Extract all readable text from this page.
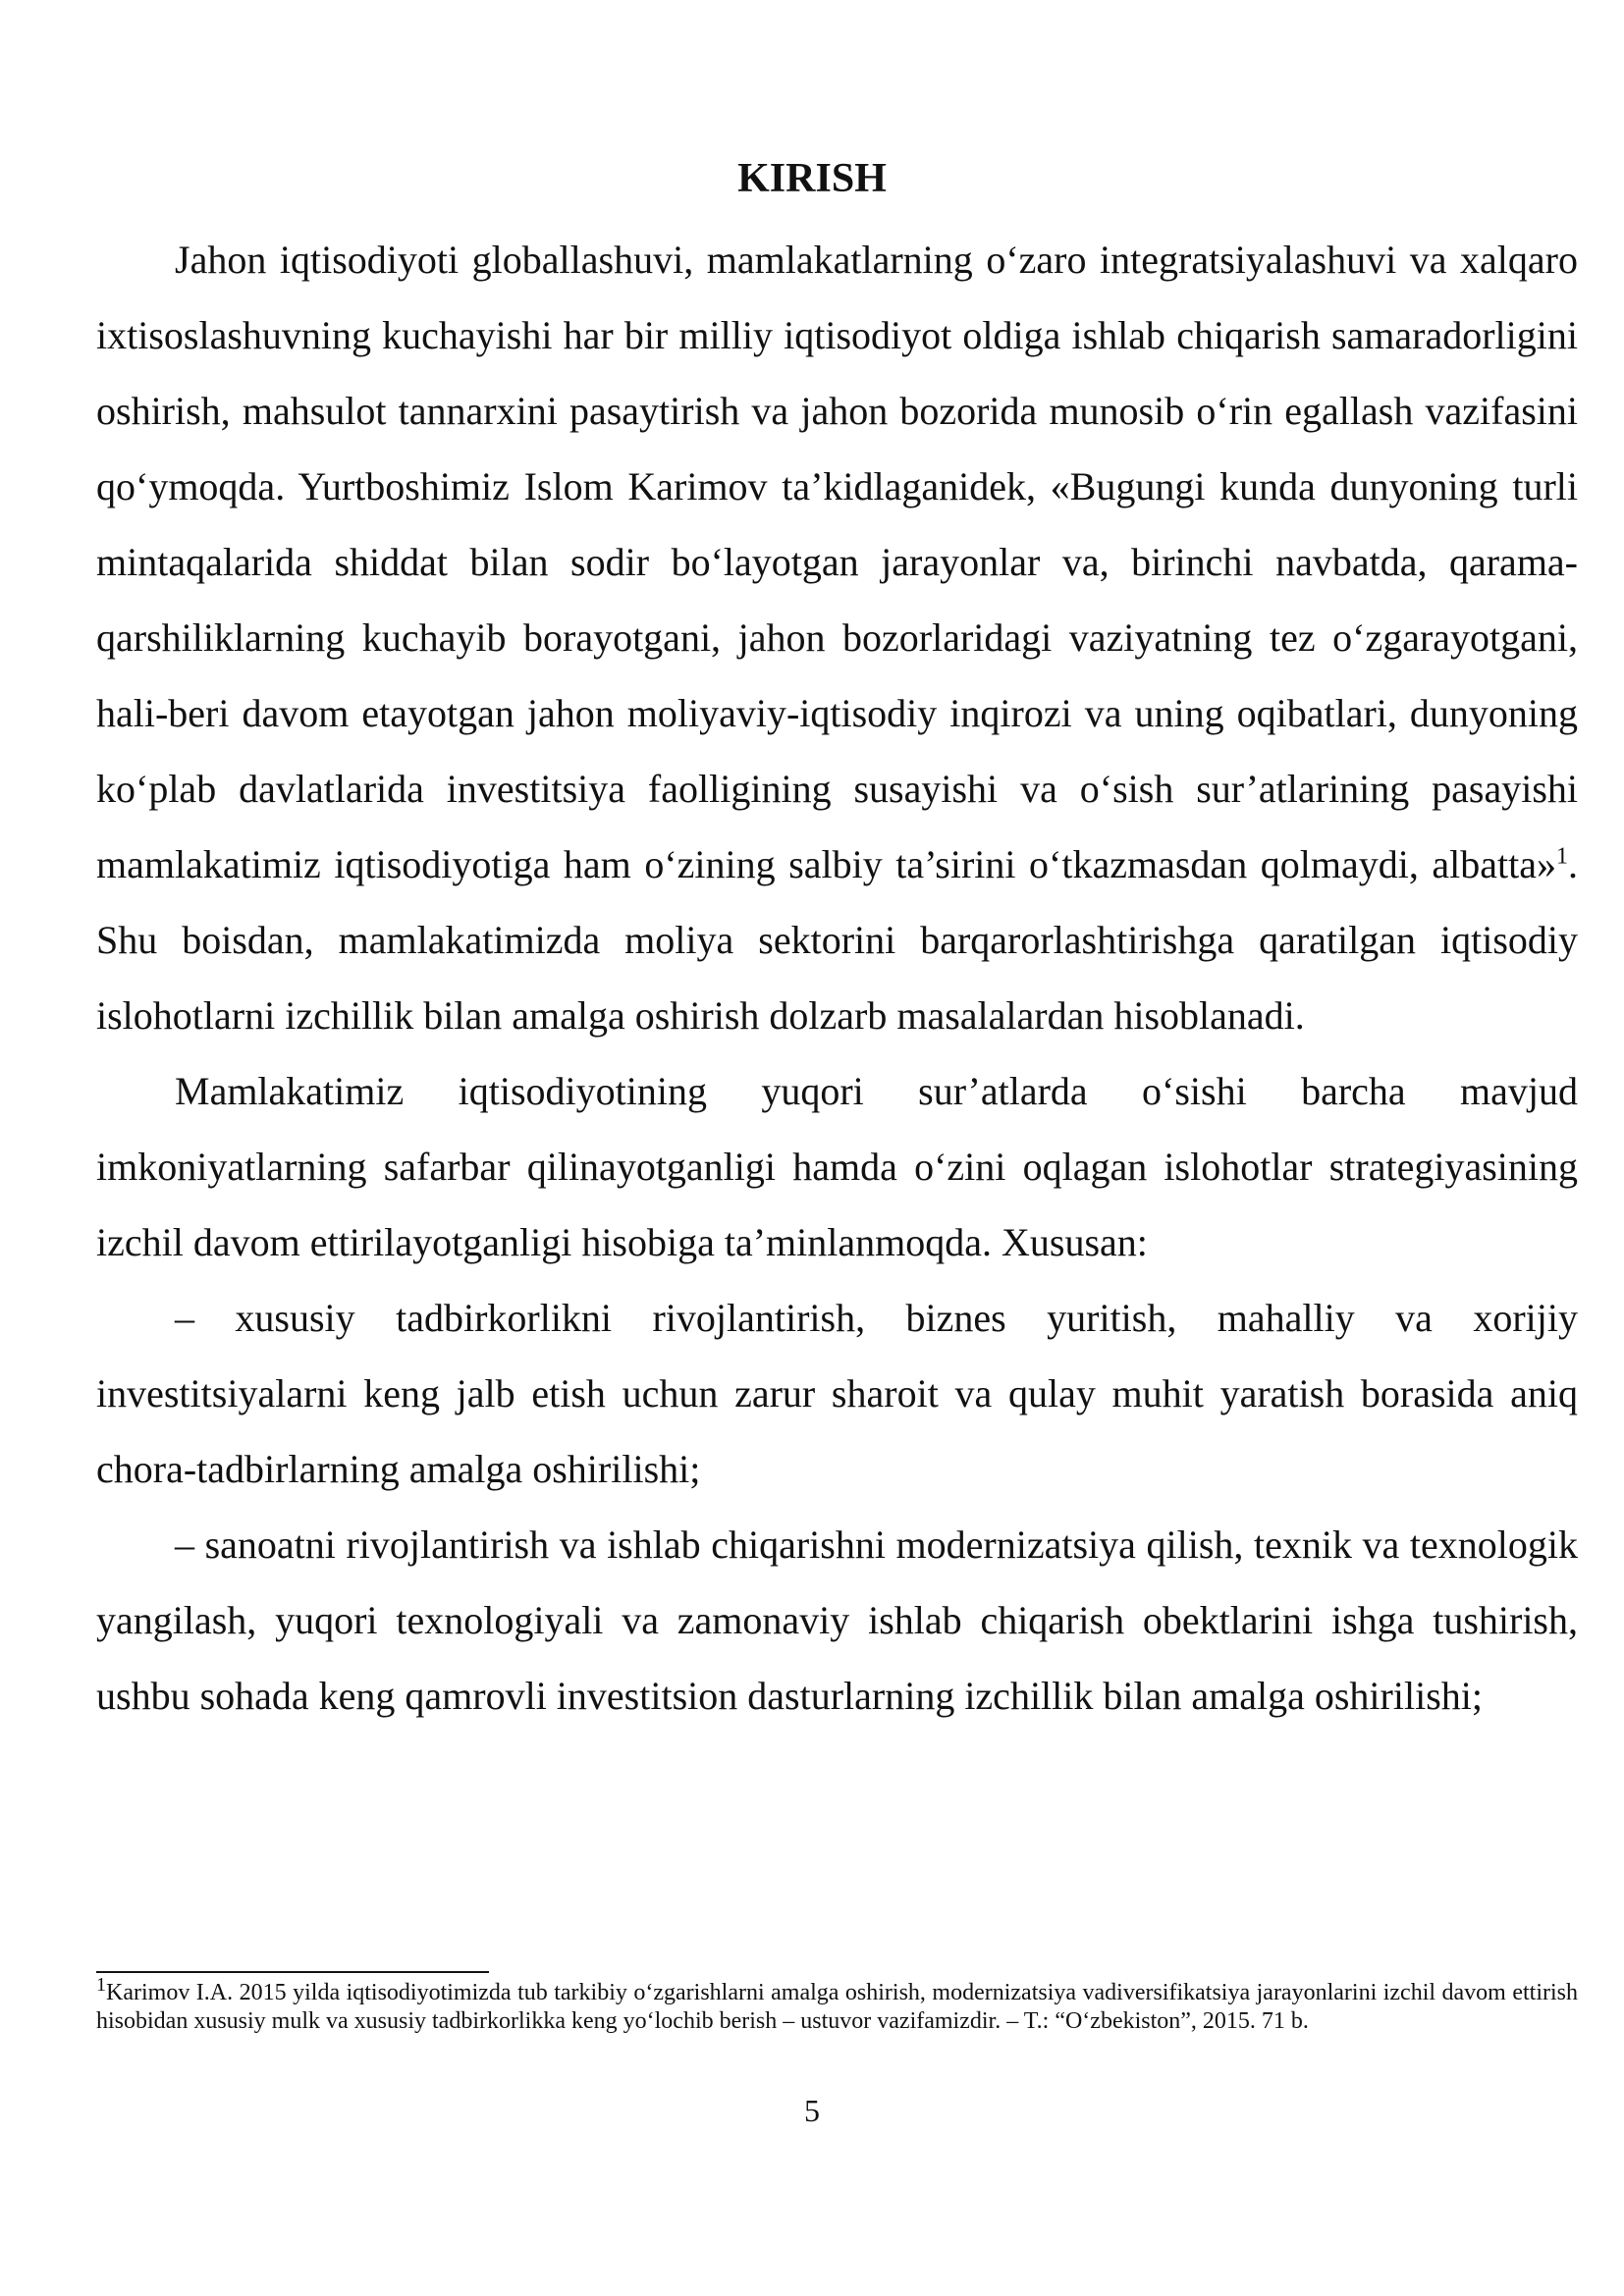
KIRISH

Jahon iqtisodiyoti globallashuvi, mamlakatlarning o‘zaro integratsiyalashuvi va xalqaro ixtisoslashuvning kuchayishi har bir milliy iqtisodiyot oldiga ishlab chiqarish samaradorligini oshirish, mahsulot tannarxini pasaytirish va jahon bozorida munosib o‘rin egallash vazifasini qo‘ymoqda. Yurtboshimiz Islom Karimov ta’kidlaganidek, «Bugungi kunda dunyoning turli mintaqalarida shiddat bilan sodir bo‘layotgan jarayonlar va, birinchi navbatda, qarama-qarshiliklarning kuchayib borayotgani, jahon bozorlaridagi vaziyatning tez o‘zgarayotgani, hali-beri davom etayotgan jahon moliyaviy-iqtisodiy inqirozi va uning oqibatlari, dunyoning ko‘plab davlatlarida investitsiya faolligining susayishi va o‘sish sur’atlarining pasayishi mamlakatimiz iqtisodiyotiga ham o‘zining salbiy ta’sirini o‘tkazmasdan qolmaydi, albatta»$^1$. Shu boisdan, mamlakatimizda moliya sektorini barqarorlashtirishga qaratilgan iqtisodiy islohotlarni izchillik bilan amalga oshirish dolzarb masalalardan hisoblanadi.

Mamlakatimiz iqtisodiyotining yuqori sur’atlarda o‘sishi barcha mavjud imkoniyatlarning safarbar qilinayotganligi hamda o‘zini oqlagan islohotlar strategiyasining izchil davom ettirilayotganligi hisobiga ta’minlanmoqda. Xususan:

– xususiy tadbirkorlikni rivojlantirish, biznes yuritish, mahalliy va xorijiy investitsiyalarni keng jalb etish uchun zarur sharoit va qulay muhit yaratish borasida aniq chora-tadbirlarning amalga oshirilishi;

– sanoatni rivojlantirish va ishlab chiqarishni modernizatsiya qilish, texnik va texnologik yangilash, yuqori texnologiyali va zamonaviy ishlab chiqarish obektlarini ishga tushirish, ushbu sohada keng qamrovli investitsion dasturlarning izchillik bilan amalga oshirilishi;

$^1$Karimov I.A. 2015 yilda iqtisodiyotimizda tub tarkibiy o‘zgarishlarni amalga oshirish, modernizatsiya vadiversifikatsiya jarayonlarini izchil davom ettirish hisobidan xususiy mulk va xususiy tadbirkorlikka keng yo‘lochib berish – ustuvor vazifamizdir. – T.: “O‘zbekiston”, 2015. 71 b.

5
